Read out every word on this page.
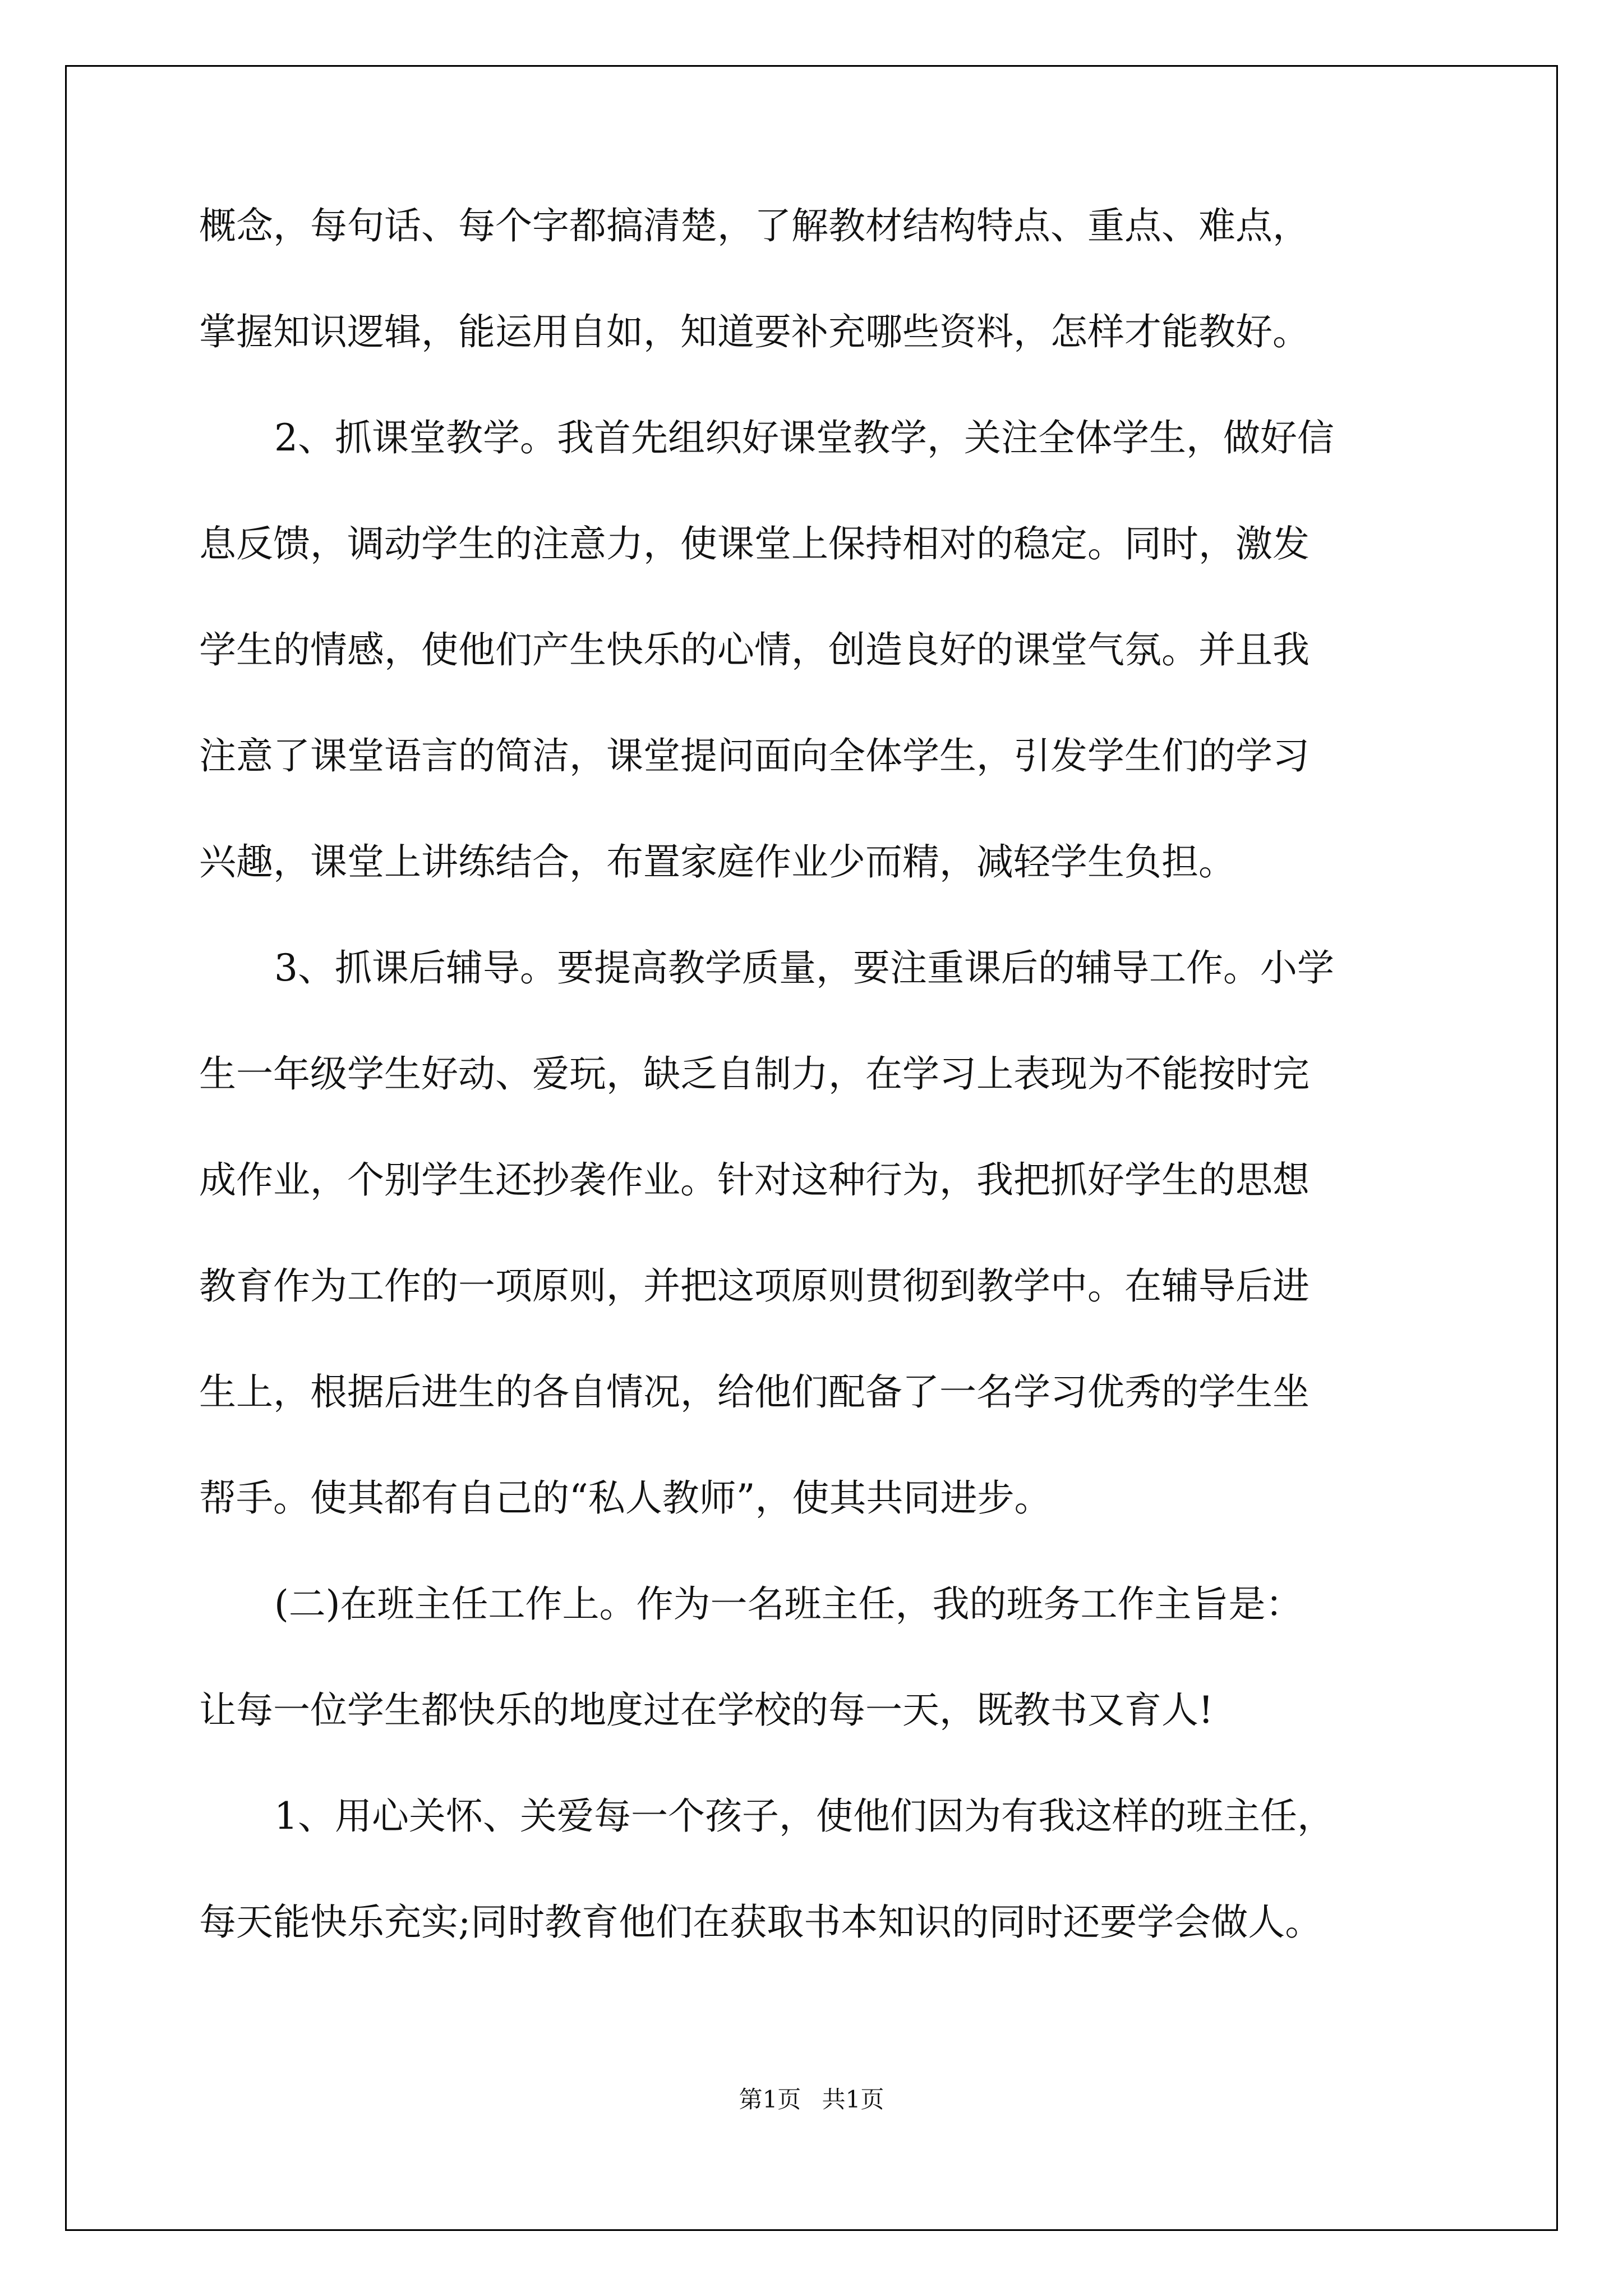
概念，每句话、每个字都搞清楚，了解教材结构特点、重点、难点，
掌握知识逻辑，能运用自如，知道要补充哪些资料，怎样才能教好。
2、抓课堂教学。我首先组织好课堂教学，关注全体学生，做好信
息反馈，调动学生的注意力，使课堂上保持相对的稳定。同时，激发
学生的情感，使他们产生快乐的心情，创造良好的课堂气氛。并且我
注意了课堂语言的简洁，课堂提问面向全体学生，引发学生们的学习
兴趣，课堂上讲练结合，布置家庭作业少而精，减轻学生负担。
3、抓课后辅导。要提高教学质量，要注重课后的辅导工作。小学
生一年级学生好动、爱玩，缺乏自制力，在学习上表现为不能按时完
成作业，个别学生还抄袭作业。针对这种行为，我把抓好学生的思想
教育作为工作的一项原则，并把这项原则贯彻到教学中。在辅导后进
生上，根据后进生的各自情况，给他们配备了一名学习优秀的学生坐
帮手。使其都有自己的“私人教师”，使其共同进步。
(二)在班主任工作上。作为一名班主任，我的班务工作主旨是：
让每一位学生都快乐的地度过在学校的每一天，既教书又育人!
1、用心关怀、关爱每一个孩子，使他们因为有我这样的班主任，
每天能快乐充实;同时教育他们在获取书本知识的同时还要学会做人。
第1页 共1页
